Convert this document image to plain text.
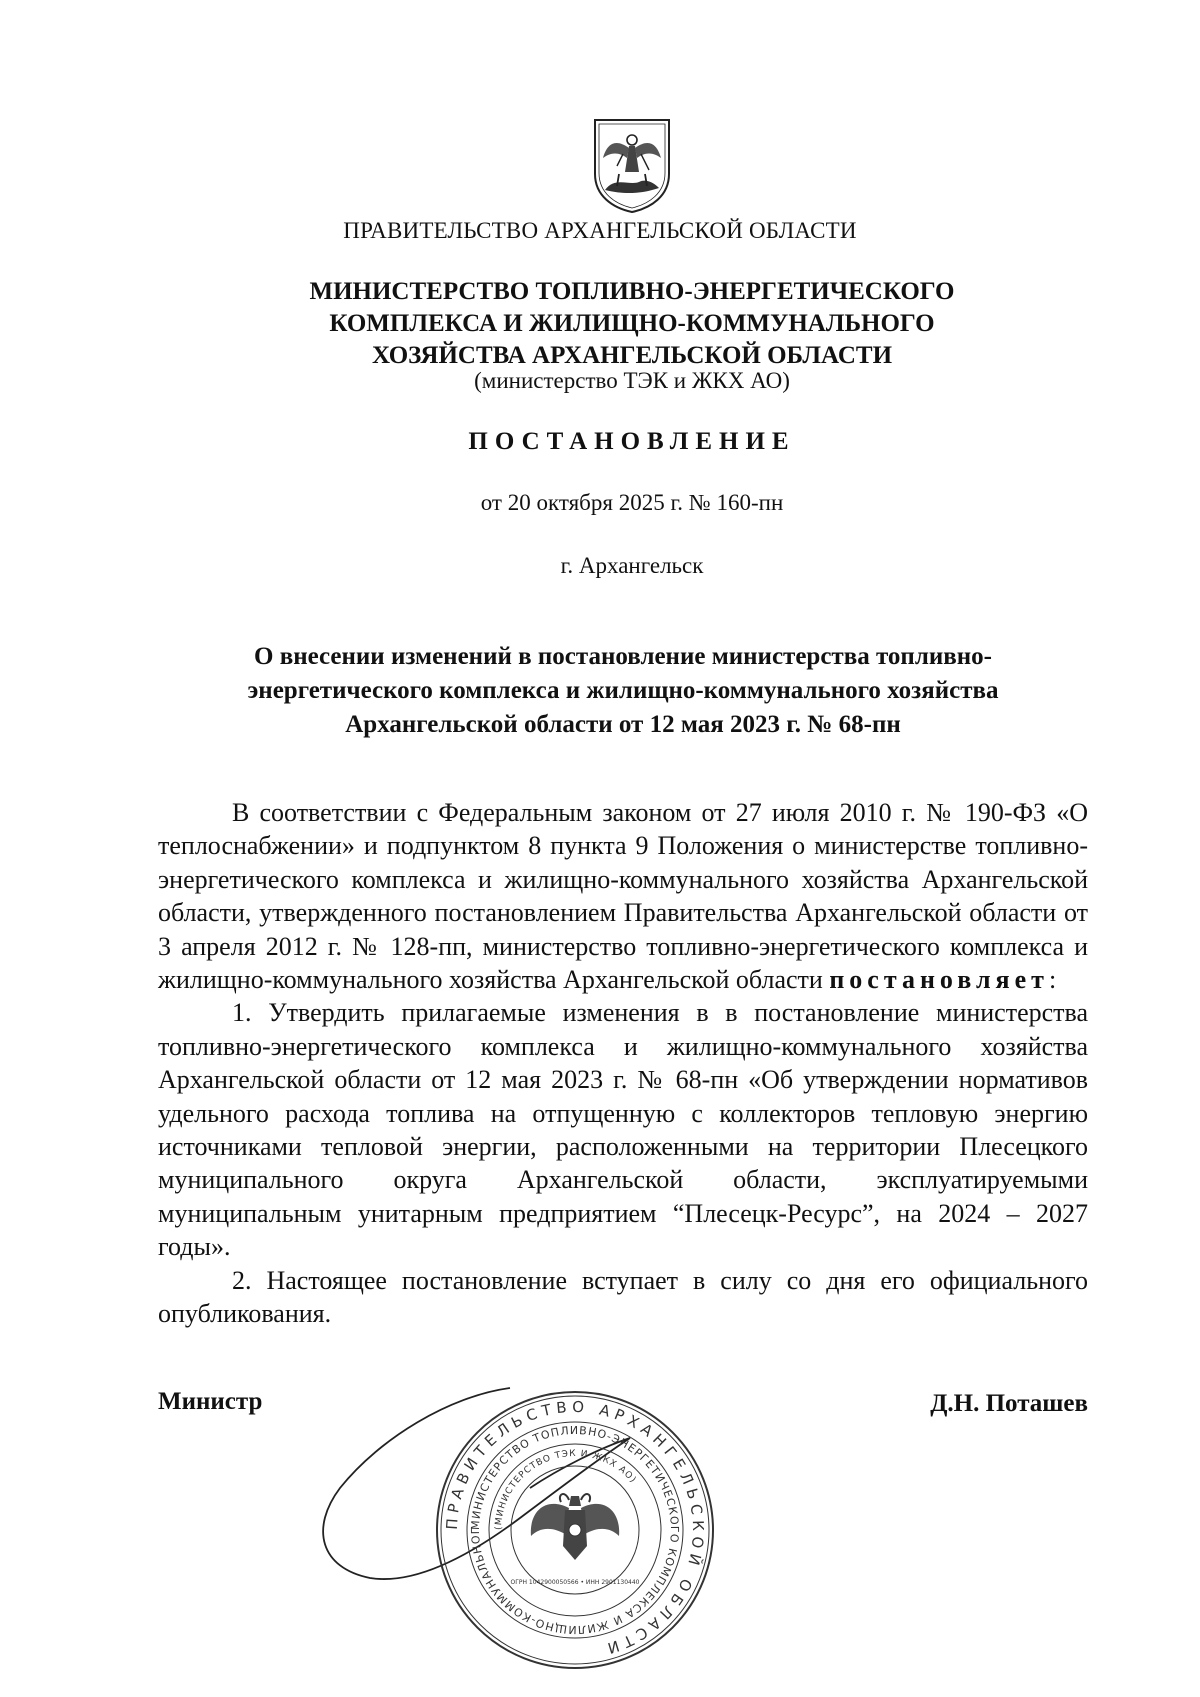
ПРАВИТЕЛЬСТВО АРХАНГЕЛЬСКОЙ ОБЛАСТИ
МИНИСТЕРСТВО ТОПЛИВНО-ЭНЕРГЕТИЧЕСКОГО
КОМПЛЕКСА И ЖИЛИЩНО-КОММУНАЛЬНОГО
ХОЗЯЙСТВА АРХАНГЕЛЬСКОЙ ОБЛАСТИ
(министерство ТЭК и ЖКХ АО)
ПОСТАНОВЛЕНИЕ
от 20 октября 2025 г. № 160-пн
г. Архангельск
О внесении изменений в постановление министерства топливно-
энергетического комплекса и жилищно-коммунального хозяйства
Архангельской области от 12 мая 2023 г. № 68-пн

В соответствии с Федеральным законом от 27 июля 2010 г. № 190-ФЗ «О теплоснабжении» и подпунктом 8 пункта 9 Положения о министерстве топливно-энергетического комплекса и жилищно-коммунального хозяйства Архангельской области, утвержденного постановлением Правительства Архангельской области от 3 апреля 2012 г. № 128-пп, министерство топливно-энергетического комплекса и жилищно-коммунального хозяйства Архангельской области постановляет:

1. Утвердить прилагаемые изменения в в постановление министерства топливно-энергетического комплекса и жилищно-коммунального хозяйства Архангельской области от 12 мая 2023 г. № 68-пн «Об утверждении нормативов удельного расхода топлива на отпущенную с коллекторов тепловую энергию источниками тепловой энергии, расположенными на территории Плесецкого муниципального округа Архангельской области, эксплуатируемыми муниципальным унитарным предприятием “Плесецк-Ресурс”, на 2024 – 2027 годы».

2. Настоящее постановление вступает в силу со дня его официального опубликования.

Министр	Д.Н. Поташев
ПРАВИТЕЛЬСТВО АРХАНГЕЛЬСКОЙ ОБЛАСТИ
МИНИСТЕРСТВО ТОПЛИВНО-ЭНЕРГЕТИЧЕСКОГО КОМПЛЕКСА И ЖИЛИЩНО-КОММУНАЛЬНОГ	(МИНИСТЕРСТВО ТЭК И ЖКХ АО)
ОГРН 1042900050566 • ИНН 2901130440
